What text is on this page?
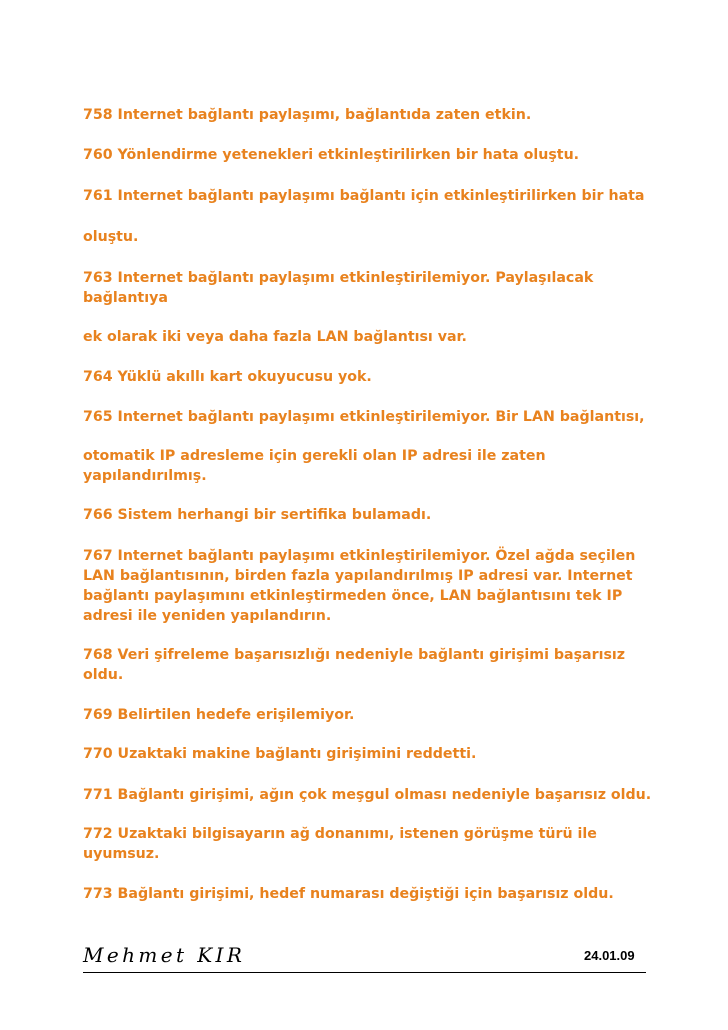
758 Internet bağlantı paylaşımı, bağlantıda zaten etkin.
760 Yönlendirme yetenekleri etkinleştirilirken bir hata oluştu.
761 Internet bağlantı paylaşımı bağlantı için etkinleştirilirken bir hata
oluştu.
763 Internet bağlantı paylaşımı etkinleştirilemiyor. Paylaşılacak
bağlantıya
ek olarak iki veya daha fazla LAN bağlantısı var.
764 Yüklü akıllı kart okuyucusu yok.
765 Internet bağlantı paylaşımı etkinleştirilemiyor. Bir LAN bağlantısı,
otomatik IP adresleme için gerekli olan IP adresi ile zaten
yapılandırılmış.
766 Sistem herhangi bir sertifika bulamadı.
767 Internet bağlantı paylaşımı etkinleştirilemiyor. Özel ağda seçilen
LAN bağlantısının, birden fazla yapılandırılmış IP adresi var. Internet
bağlantı paylaşımını etkinleştirmeden önce, LAN bağlantısını tek IP
adresi ile yeniden yapılandırın.
768 Veri şifreleme başarısızlığı nedeniyle bağlantı girişimi başarısız
oldu.
769 Belirtilen hedefe erişilemiyor.
770 Uzaktaki makine bağlantı girişimini reddetti.
771 Bağlantı girişimi, ağın çok meşgul olması nedeniyle başarısız oldu.
772 Uzaktaki bilgisayarın ağ donanımı, istenen görüşme türü ile
uyumsuz.
773 Bağlantı girişimi, hedef numarası değiştiği için başarısız oldu.
Mehmet KIR	24.01.09
